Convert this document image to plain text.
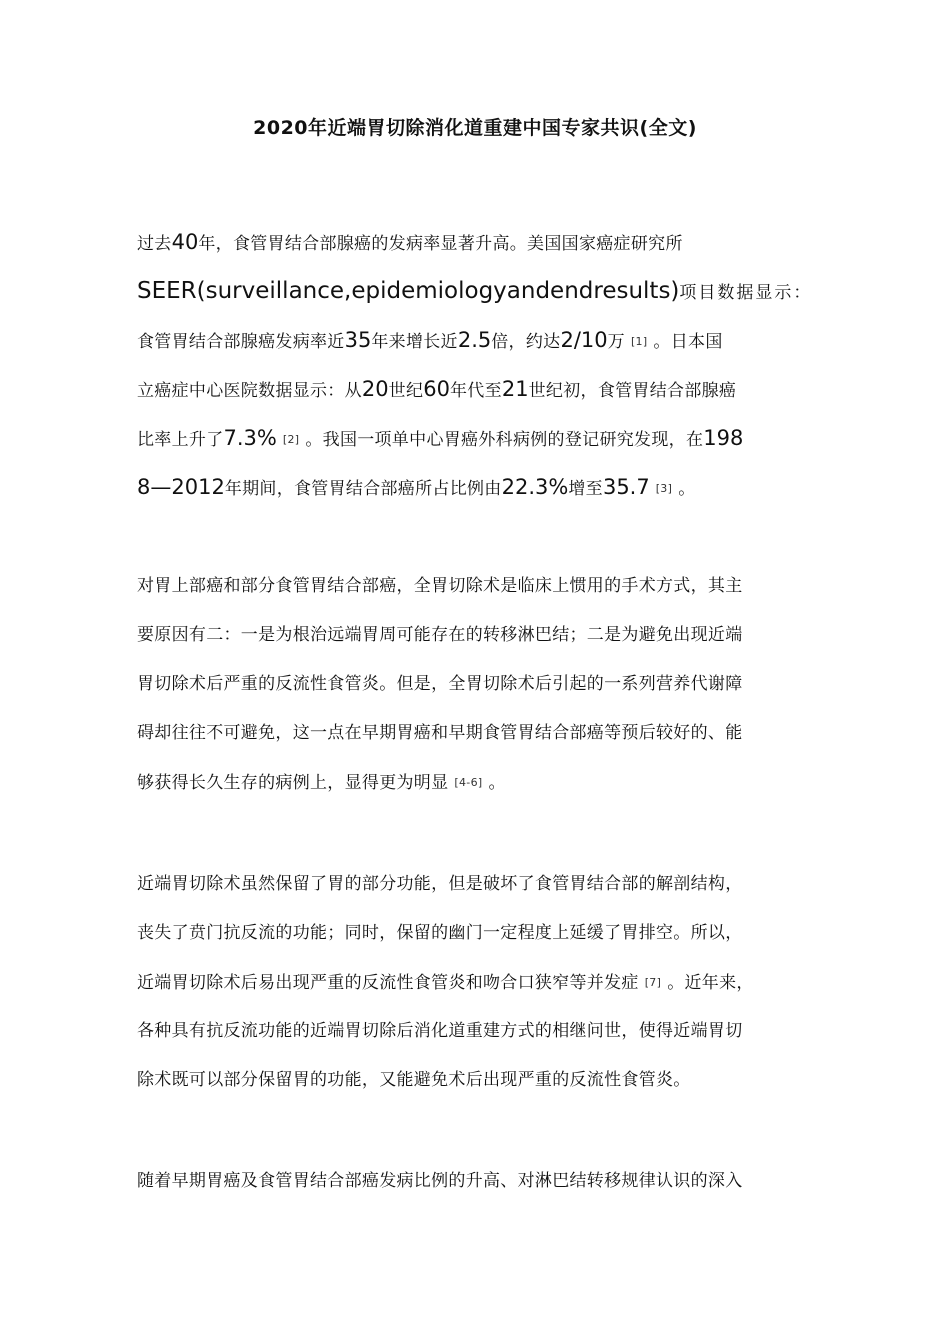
2020年近端胃切除消化道重建中国专家共识(全文)
过去40年，食管胃结合部腺癌的发病率显著升高。美国国家癌症研究所
SEER(surveillance,epidemiologyandendresults)项目数据显示：
食管胃结合部腺癌发病率近35年来增长近2.5倍，约达2/10万 [1] 。日本国
立癌症中心医院数据显示：从20世纪60年代至21世纪初，食管胃结合部腺癌
比率上升了7.3% [2] 。我国一项单中心胃癌外科病例的登记研究发现，在198
8—2012年期间，食管胃结合部癌所占比例由22.3%增至35.7 [3] 。
对胃上部癌和部分食管胃结合部癌，全胃切除术是临床上惯用的手术方式，其主
要原因有二：一是为根治远端胃周可能存在的转移淋巴结；二是为避免出现近端
胃切除术后严重的反流性食管炎。但是，全胃切除术后引起的一系列营养代谢障
碍却往往不可避免，这一点在早期胃癌和早期食管胃结合部癌等预后较好的、能
够获得长久生存的病例上，显得更为明显 [4-6] 。
近端胃切除术虽然保留了胃的部分功能，但是破坏了食管胃结合部的解剖结构，
丧失了贲门抗反流的功能；同时，保留的幽门一定程度上延缓了胃排空。所以，
近端胃切除术后易出现严重的反流性食管炎和吻合口狭窄等并发症 [7] 。近年来，
各种具有抗反流功能的近端胃切除后消化道重建方式的相继问世，使得近端胃切
除术既可以部分保留胃的功能，又能避免术后出现严重的反流性食管炎。
随着早期胃癌及食管胃结合部癌发病比例的升高、对淋巴结转移规律认识的深入
